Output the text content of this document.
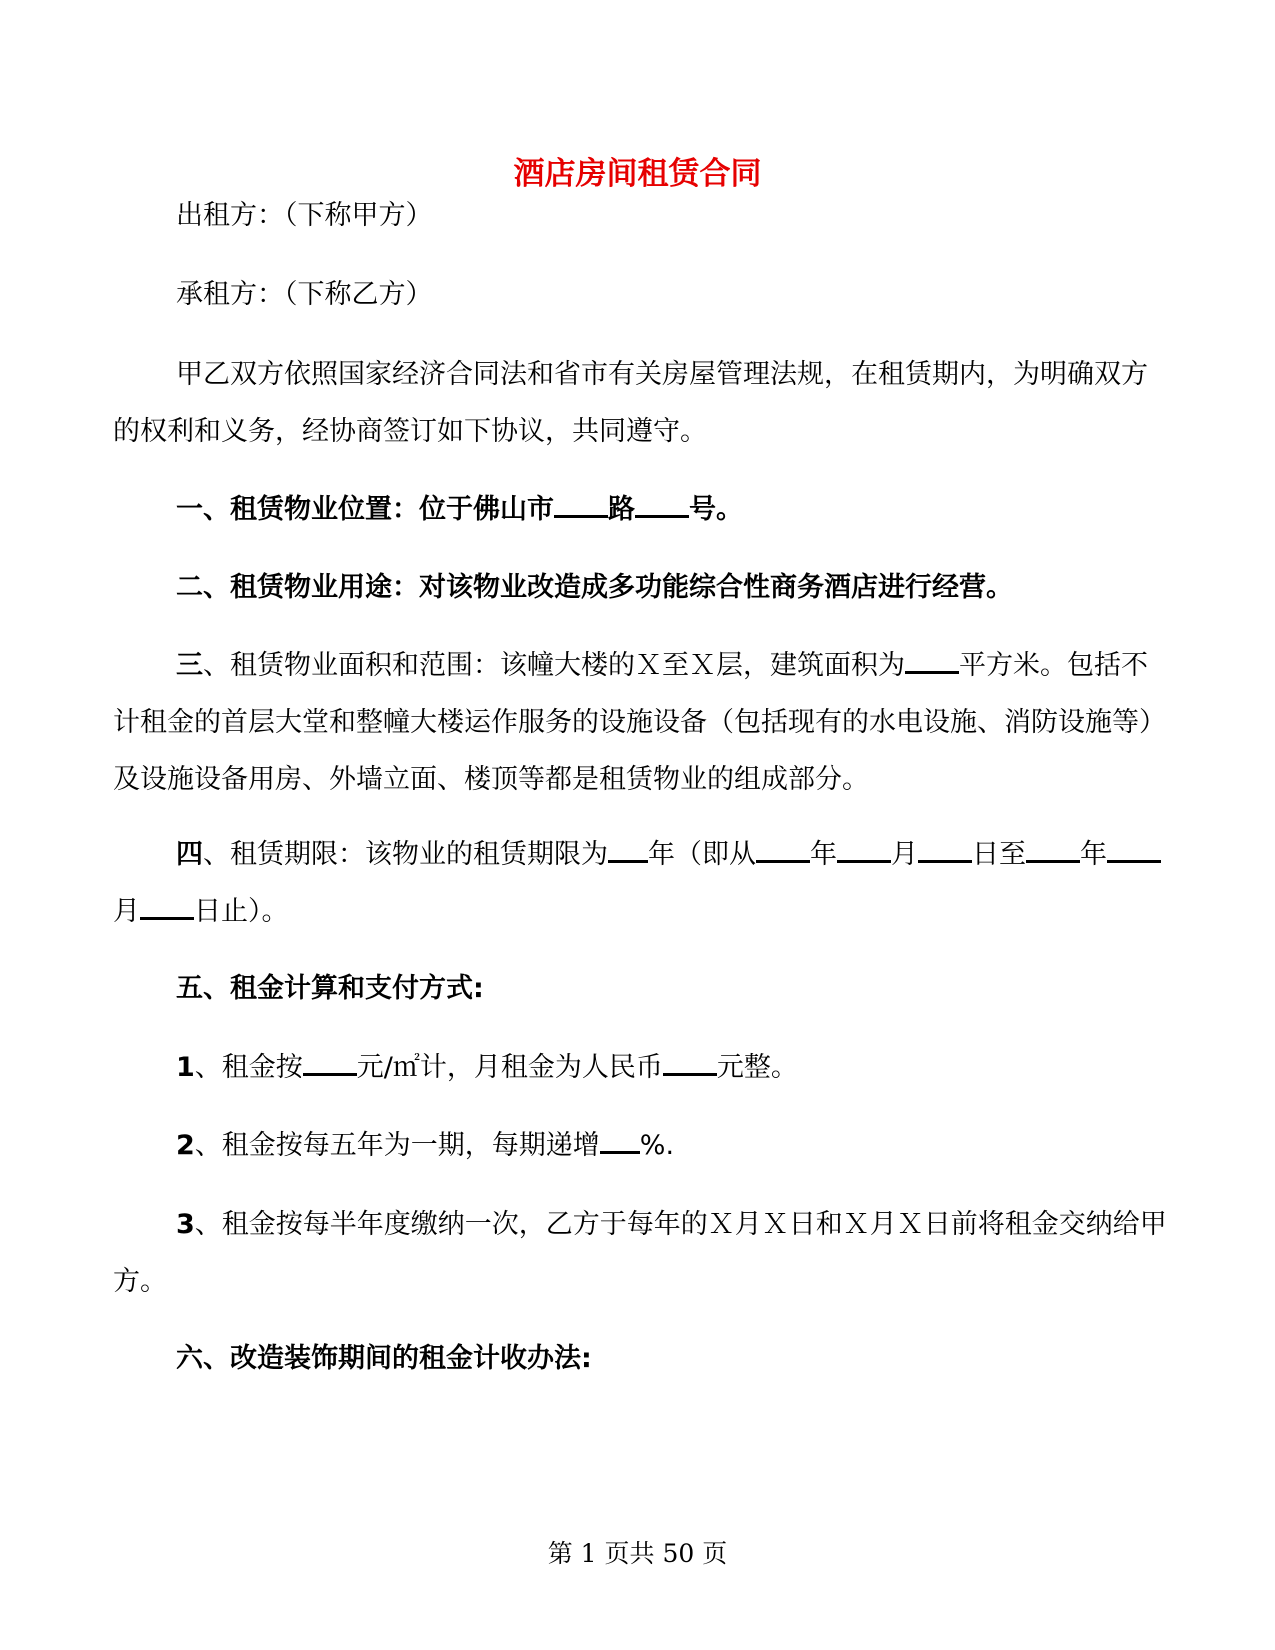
酒店房间租赁合同

出租方：（下称甲方）

承租方：（下称乙方）

甲乙双方依照国家经济合同法和省市有关房屋管理法规，在租赁期内，为明确双方的权利和义务，经协商签订如下协议，共同遵守。

一、租赁物业位置：位于佛山市 路 号。

二、租赁物业用途：对该物业改造成多功能综合性商务酒店进行经营。

三、租赁物业面积和范围：该幢大楼的Ｘ至Ｘ层，建筑面积为 平方米。包括不计租金的首层大堂和整幢大楼运作服务的设施设备（包括现有的水电设施、消防设施等）及设施设备用房、外墙立面、楼顶等都是租赁物业的组成部分。

四、租赁期限：该物业的租赁期限为 年（即从 年 月 日至 年月 日止）。

五、租金计算和支付方式:

1、租金按 元/㎡计，月租金为人民币 元整。

2、租金按每五年为一期，每期递增 %.

3、租金按每半年度缴纳一次，乙方于每年的Ｘ月Ｘ日和Ｘ月Ｘ日前将租金交纳给甲方。

六、改造装饰期间的租金计收办法:

第 1 页共 50 页
